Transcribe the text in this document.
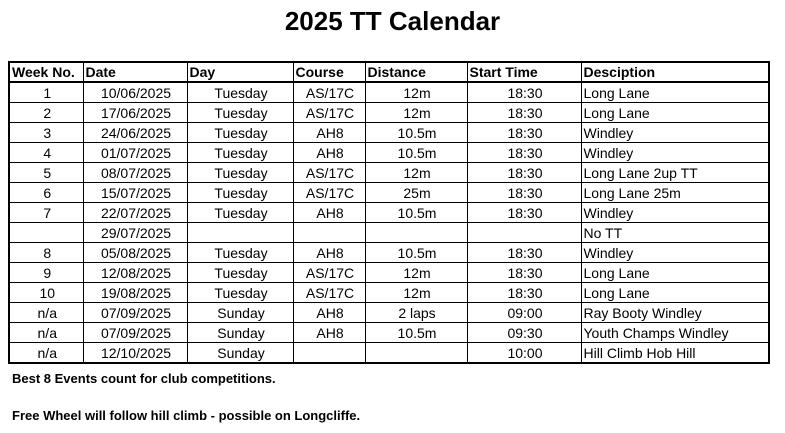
2025 TT Calendar
Week No.	Date	Day	Course	Distance	Start Time	Desciption
1	10/06/2025	Tuesday	AS/17C	12m	18:30	Long Lane
2	17/06/2025	Tuesday	AS/17C	12m	18:30	Long Lane
3	24/06/2025	Tuesday	AH8	10.5m	18:30	Windley
4	01/07/2025	Tuesday	AH8	10.5m	18:30	Windley
5	08/07/2025	Tuesday	AS/17C	12m	18:30	Long Lane 2up TT
6	15/07/2025	Tuesday	AS/17C	25m	18:30	Long Lane 25m
7	22/07/2025	Tuesday	AH8	10.5m	18:30	Windley
	29/07/2025					No TT
8	05/08/2025	Tuesday	AH8	10.5m	18:30	Windley
9	12/08/2025	Tuesday	AS/17C	12m	18:30	Long Lane
10	19/08/2025	Tuesday	AS/17C	12m	18:30	Long Lane
n/a	07/09/2025	Sunday	AH8	2 laps	09:00	Ray Booty Windley
n/a	07/09/2025	Sunday	AH8	10.5m	09:30	Youth Champs Windley
n/a	12/10/2025	Sunday			10:00	Hill Climb Hob Hill
Best 8 Events count for club competitions.
Free Wheel will follow hill climb - possible on Longcliffe.
